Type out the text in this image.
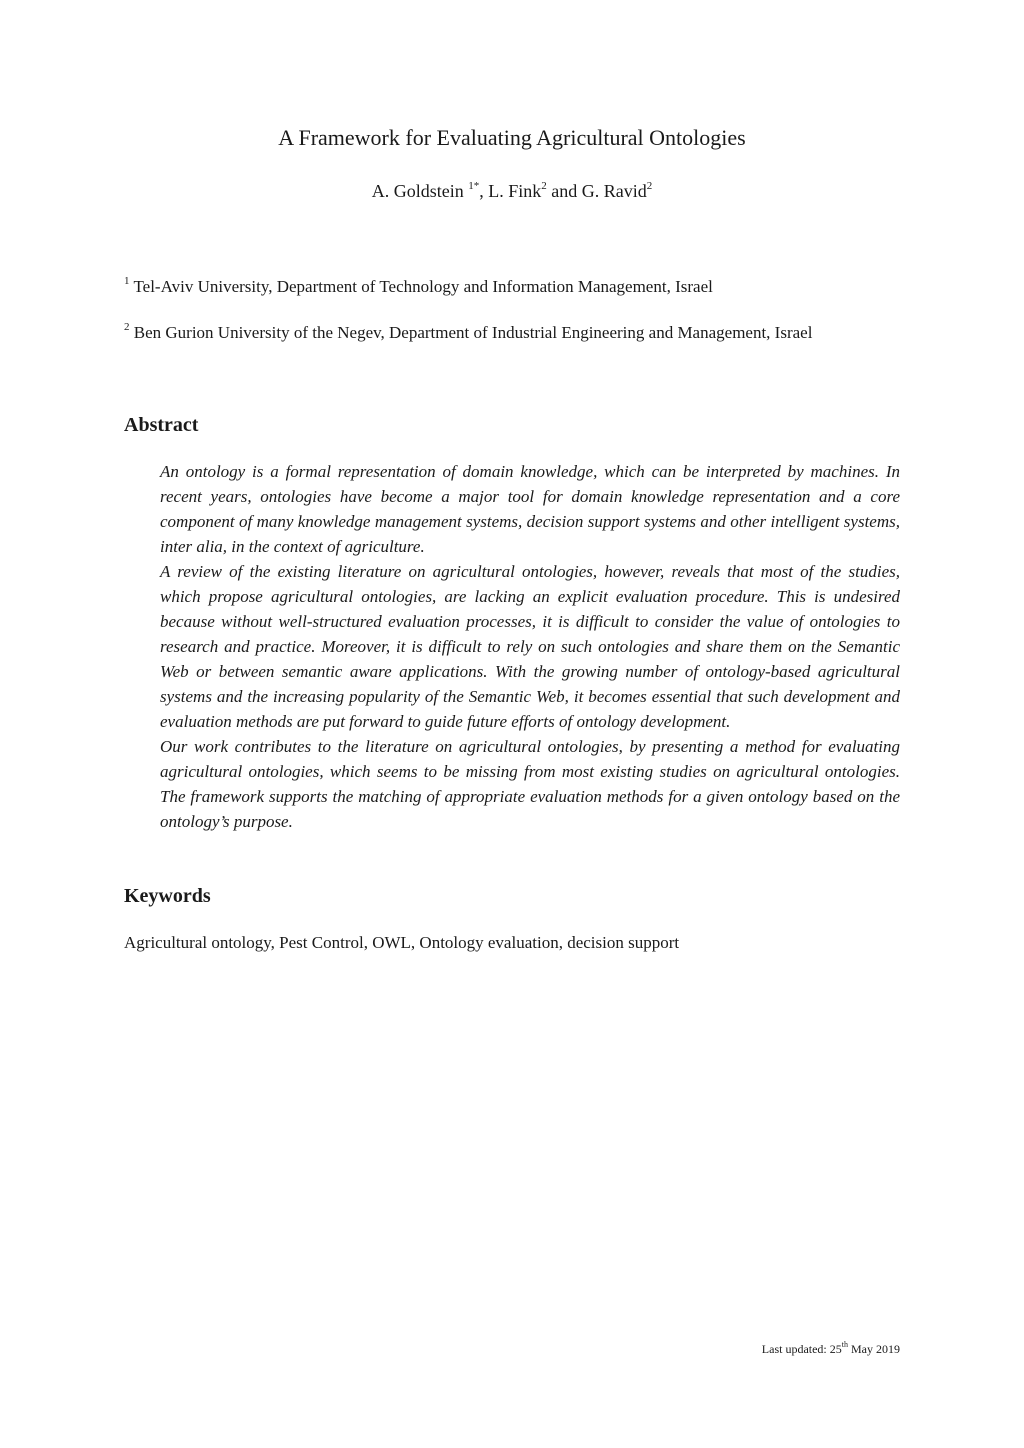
A Framework for Evaluating Agricultural Ontologies
A. Goldstein $^{1*}$, L. Fink$^2$ and G. Ravid$^2$
$^1$ Tel-Aviv University, Department of Technology and Information Management, Israel
$^2$ Ben Gurion University of the Negev, Department of Industrial Engineering and Management, Israel
Abstract

An ontology is a formal representation of domain knowledge, which can be interpreted by machines. In recent years, ontologies have become a major tool for domain knowledge representation and a core component of many knowledge management systems, decision support systems and other intelligent systems, inter alia, in the context of agriculture.

A review of the existing literature on agricultural ontologies, however, reveals that most of the studies, which propose agricultural ontologies, are lacking an explicit evaluation procedure. This is undesired because without well-structured evaluation processes, it is difficult to consider the value of ontologies to research and practice. Moreover, it is difficult to rely on such ontologies and share them on the Semantic Web or between semantic aware applications. With the growing number of ontology-based agricultural systems and the increasing popularity of the Semantic Web, it becomes essential that such development and evaluation methods are put forward to guide future efforts of ontology development.

Our work contributes to the literature on agricultural ontologies, by presenting a method for evaluating agricultural ontologies, which seems to be missing from most existing studies on agricultural ontologies. The framework supports the matching of appropriate evaluation methods for a given ontology based on the ontology’s purpose.

Keywords
Agricultural ontology, Pest Control, OWL, Ontology evaluation, decision support
Last updated: 25th May 2019
